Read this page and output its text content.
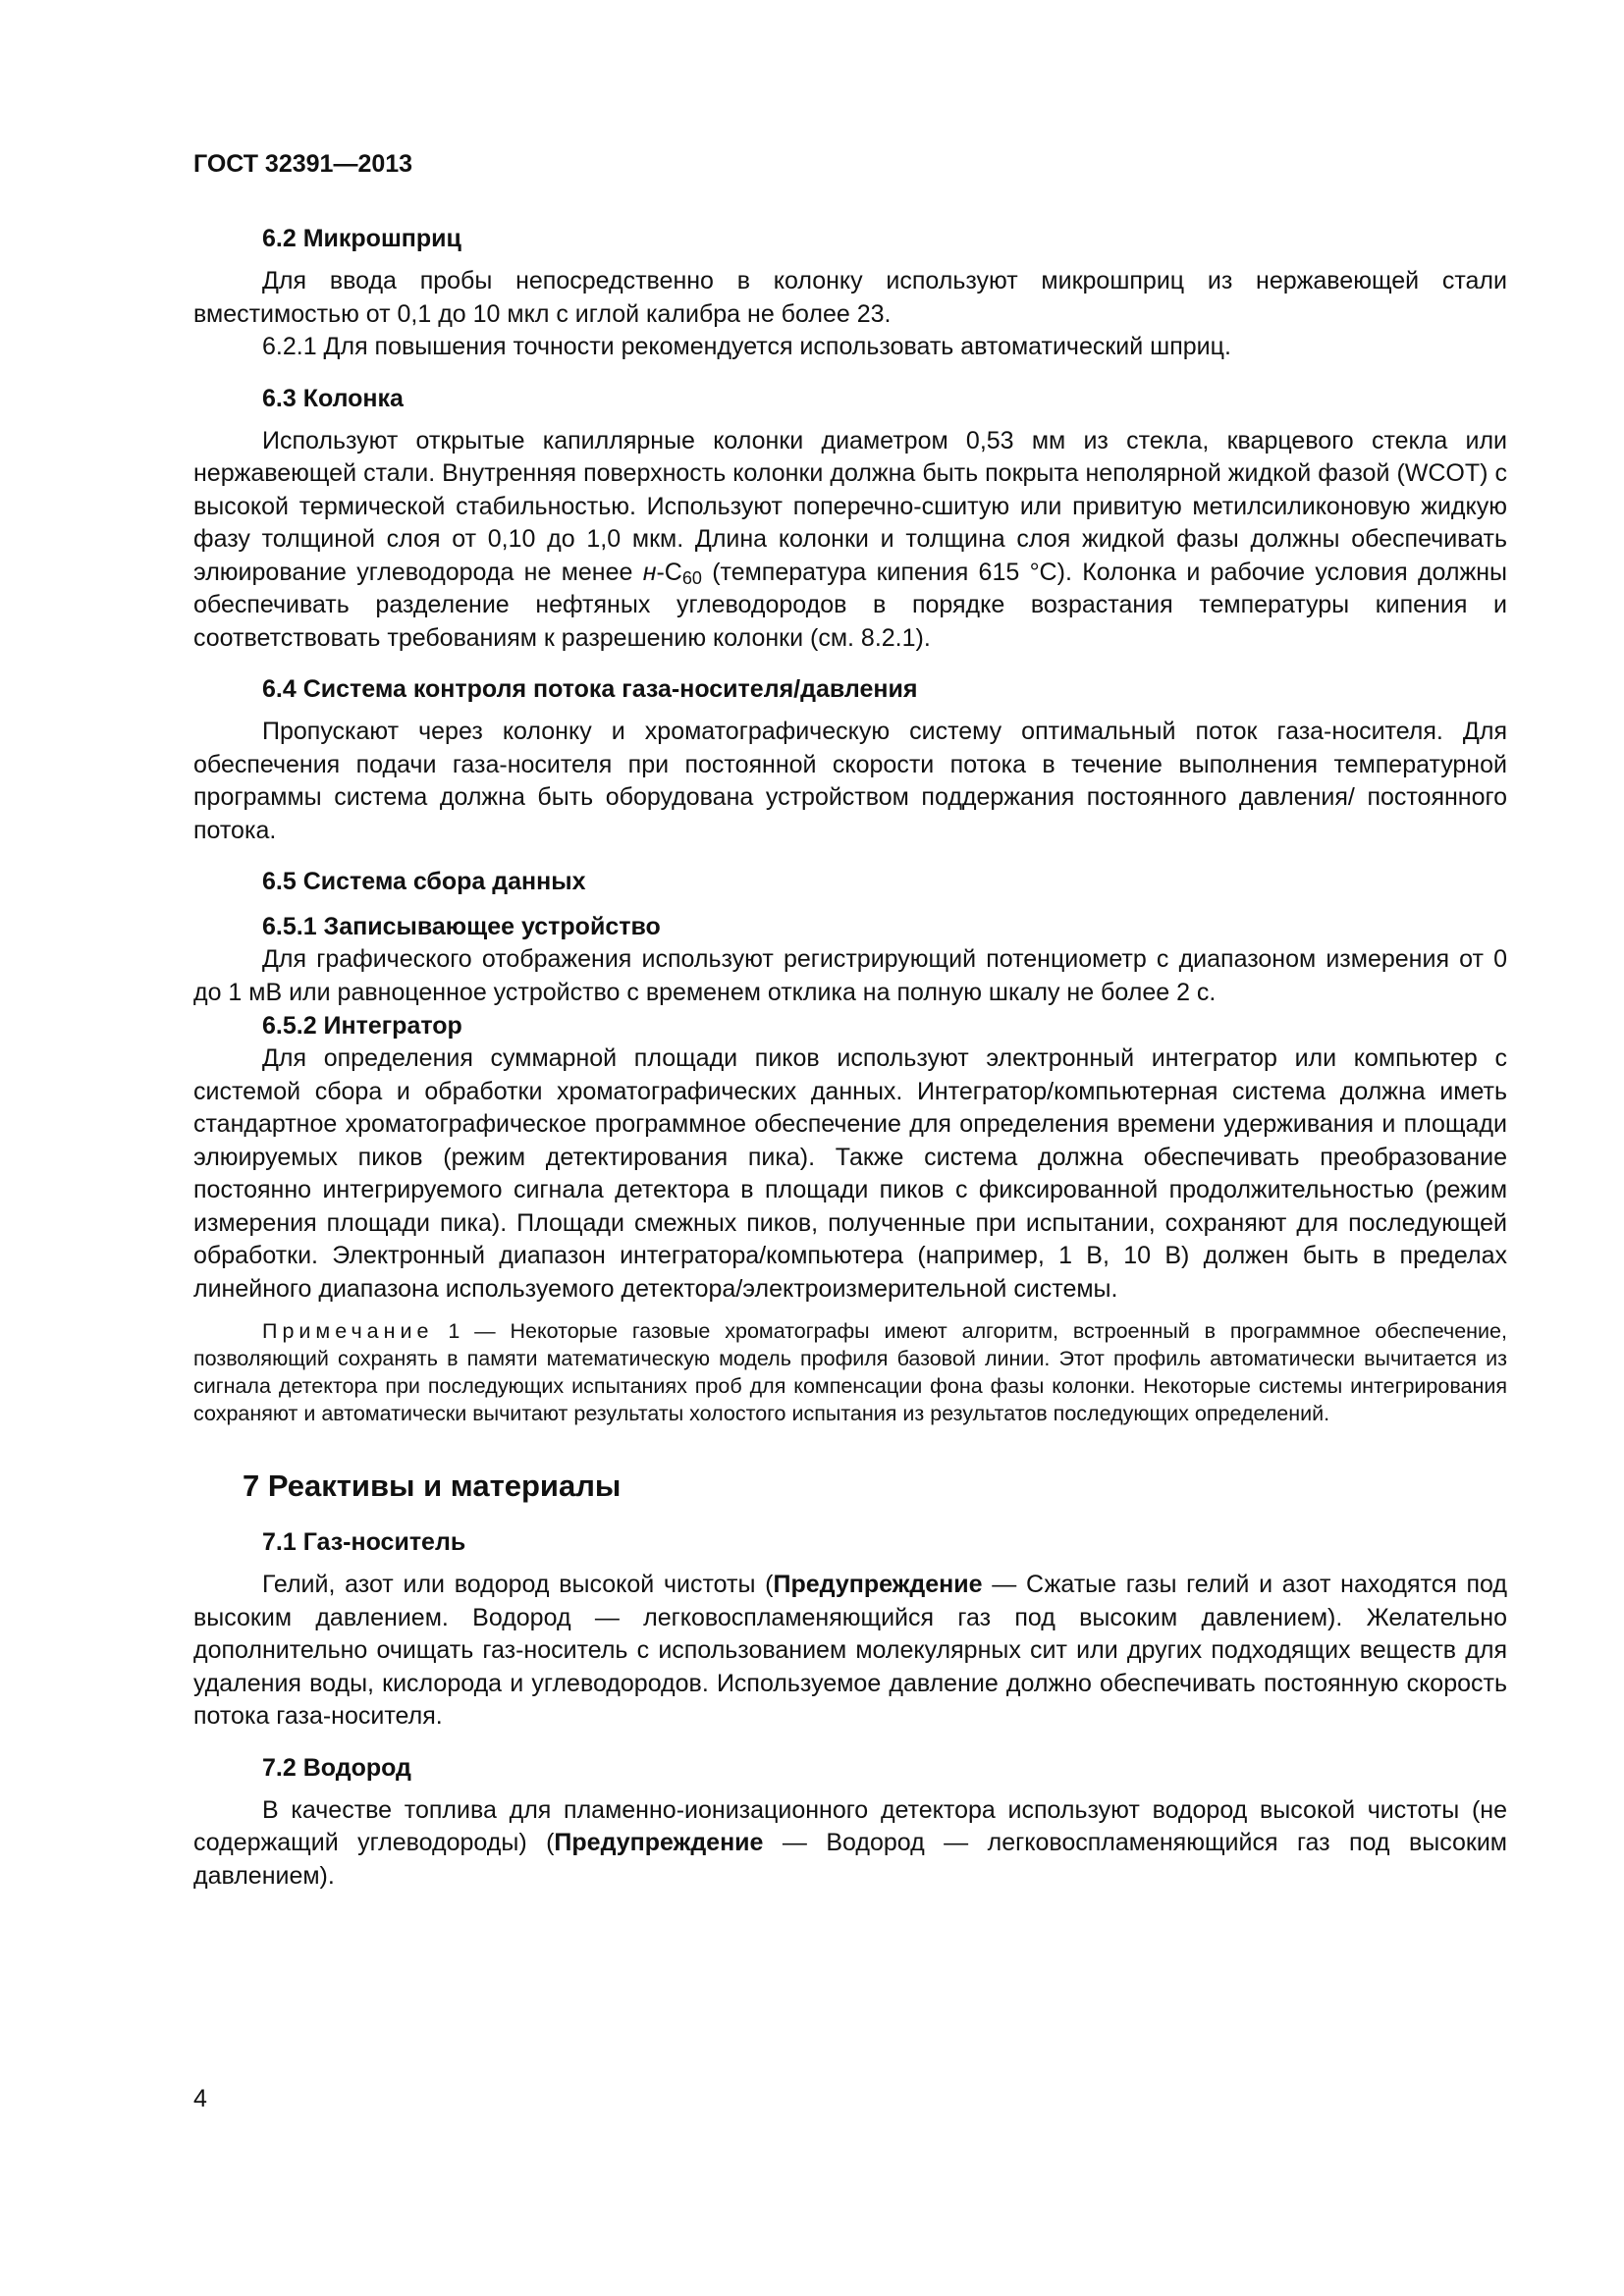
ГОСТ 32391—2013
6.2 Микрошприц

Для ввода пробы непосредственно в колонку используют микрошприц из нержавеющей стали вместимостью от 0,1 до 10 мкл с иглой калибра не более 23.

6.2.1 Для повышения точности рекомендуется использовать автоматический шприц.

6.3 Колонка

Используют открытые капиллярные колонки диаметром 0,53 мм из стекла, кварцевого стекла или нержавеющей стали. Внутренняя поверхность колонки должна быть покрыта неполярной жидкой фазой (WCOT) с высокой термической стабильностью. Используют поперечно-сшитую или привитую метилсиликоновую жидкую фазу толщиной слоя от 0,10 до 1,0 мкм. Длина колонки и толщина слоя жидкой фазы должны обеспечивать элюирование углеводорода не менее $н-C_{60}$ (температура кипения 615 °С). Колонка и рабочие условия должны обеспечивать разделение нефтяных углеводородов в порядке возрастания температуры кипения и соответствовать требованиям к разрешению колонки (см. 8.2.1).

6.4 Система контроля потока газа-носителя/давления

Пропускают через колонку и хроматографическую систему оптимальный поток газа-носителя. Для обеспечения подачи газа-носителя при постоянной скорости потока в течение выполнения температурной программы система должна быть оборудована устройством поддержания постоянного давления/ постоянного потока.

6.5 Система сбора данных
6.5.1 Записывающее устройство

Для графического отображения используют регистрирующий потенциометр с диапазоном измерения от 0 до 1 мВ или равноценное устройство с временем отклика на полную шкалу не более 2 с.

6.5.2 Интегратор

Для определения суммарной площади пиков используют электронный интегратор или компьютер с системой сбора и обработки хроматографических данных. Интегратор/компьютерная система должна иметь стандартное хроматографическое программное обеспечение для определения времени удерживания и площади элюируемых пиков (режим детектирования пика). Также система должна обеспечивать преобразование постоянно интегрируемого сигнала детектора в площади пиков с фиксированной продолжительностью (режим измерения площади пика). Площади смежных пиков, полученные при испытании, сохраняют для последующей обработки. Электронный диапазон интегратора/компьютера (например, 1 В, 10 В) должен быть в пределах линейного диапазона используемого детектора/электроизмерительной системы.

Примечание 1 — Некоторые газовые хроматографы имеют алгоритм, встроенный в программное обеспечение, позволяющий сохранять в памяти математическую модель профиля базовой линии. Этот профиль автоматически вычитается из сигнала детектора при последующих испытаниях проб для компенсации фона фазы колонки. Некоторые системы интегрирования сохраняют и автоматически вычитают результаты холостого испытания из результатов последующих определений.

7 Реактивы и материалы
7.1 Газ-носитель

Гелий, азот или водород высокой чистоты (Предупреждение — Сжатые газы гелий и азот находятся под высоким давлением. Водород — легковоспламеняющийся газ под высоким давлением). Желательно дополнительно очищать газ-носитель с использованием молекулярных сит или других подходящих веществ для удаления воды, кислорода и углеводородов. Используемое давление должно обеспечивать постоянную скорость потока газа-носителя.

7.2 Водород

В качестве топлива для пламенно-ионизационного детектора используют водород высокой чистоты (не содержащий углеводороды) (Предупреждение — Водород — легковоспламеняющийся газ под высоким давлением).

4
